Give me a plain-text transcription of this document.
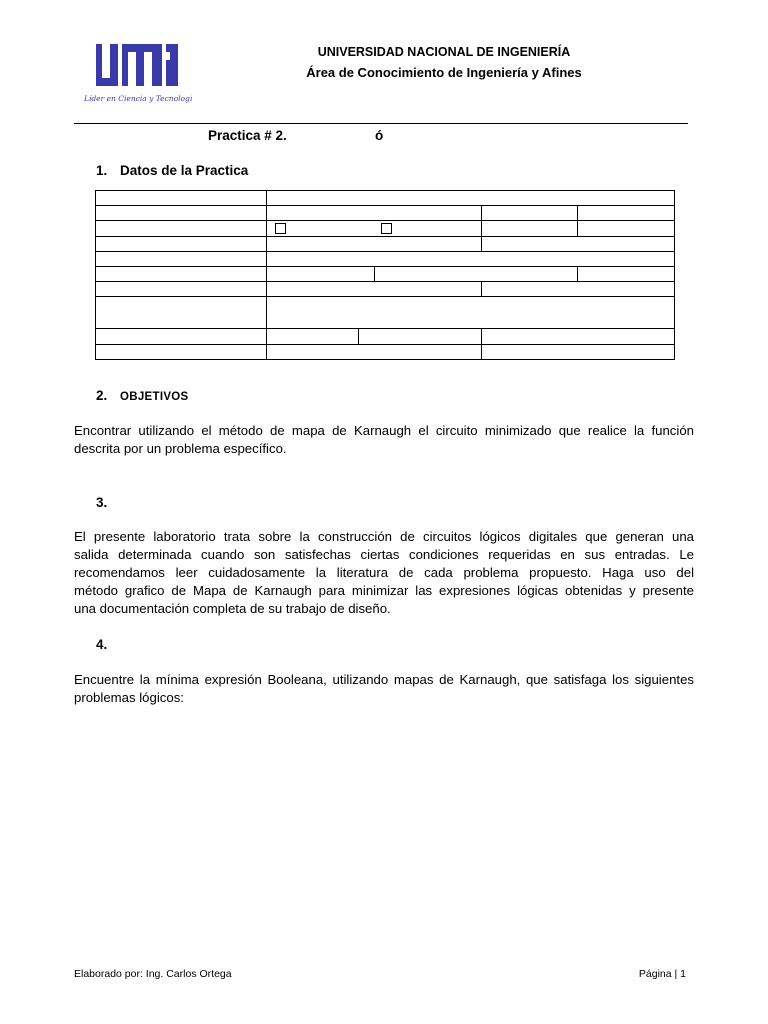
Líder en Ciencia y Tecnología
UNIVERSIDAD NACIONAL DE INGENIERÍA
Área de Conocimiento de Ingeniería y Afines
Practica # 2.	ó
1. Datos de la Practica

2. OBJETIVOS
Encontrar utilizando el método de mapa de Karnaugh el circuito minimizado que realice la función
descrita por un problema específico.
3.
El presente laboratorio trata sobre la construcción de circuitos lógicos digitales que generan una
salida determinada cuando son satisfechas ciertas condiciones requeridas en sus entradas. Le
recomendamos leer cuidadosamente la literatura de cada problema propuesto. Haga uso del
método grafico de Mapa de Karnaugh para minimizar las expresiones lógicas obtenidas y presente
una documentación completa de su trabajo de diseño.
4.
Encuentre la mínima expresión Booleana, utilizando mapas de Karnaugh, que satisfaga los siguientes
problemas lógicos:
Elaborado por: Ing. Carlos Ortega	Página | 1
